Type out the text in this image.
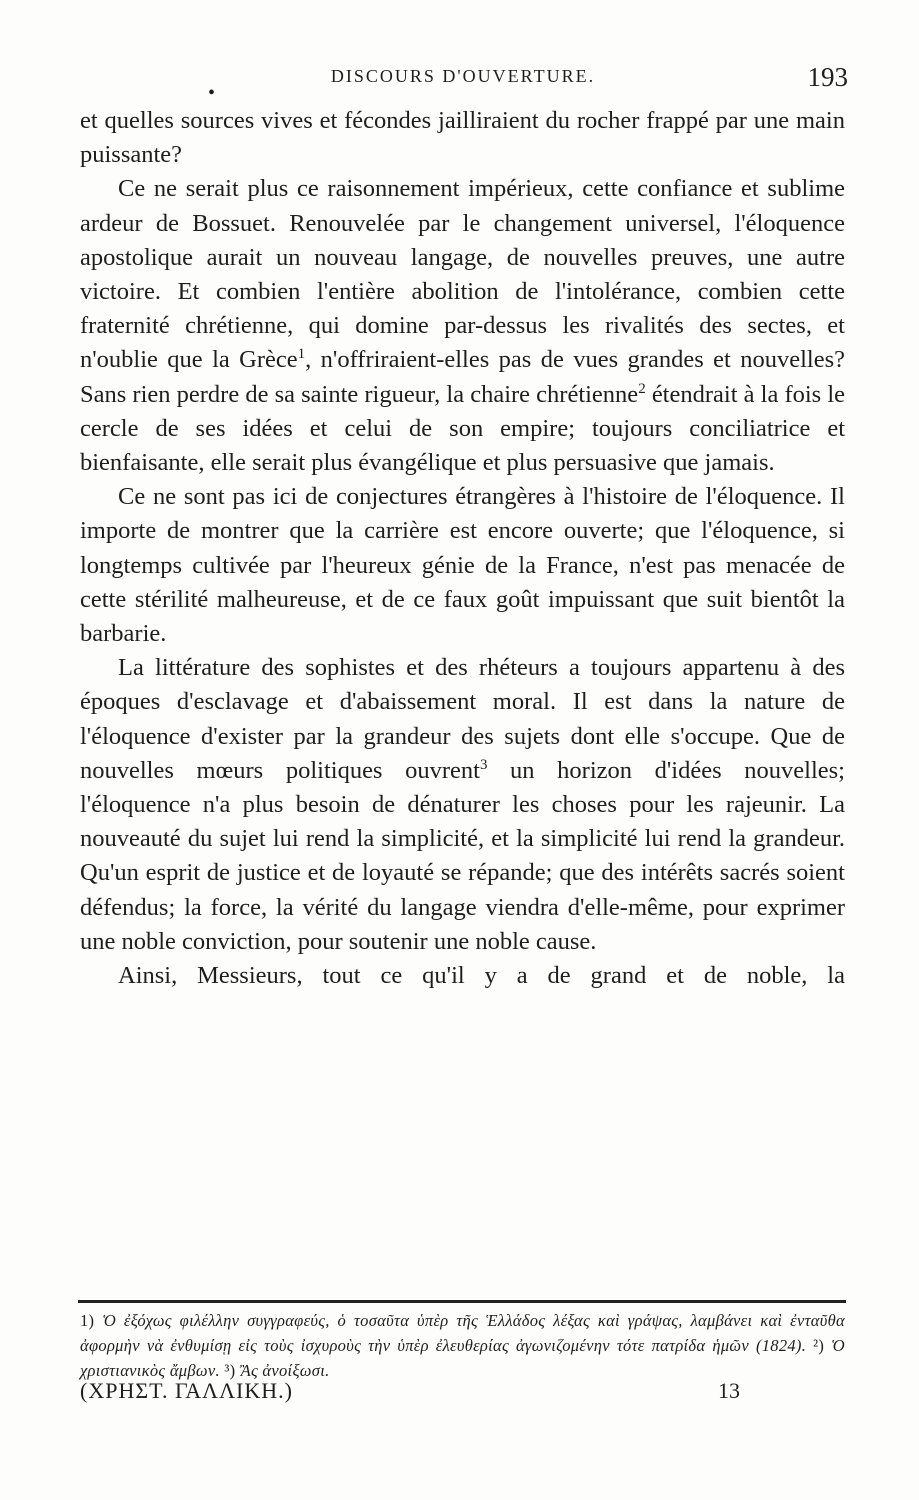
•
DISCOURS D'OUVERTURE.	193

et quelles sources vives et fécondes jailliraient du rocher frappé par une main puissante?

Ce ne serait plus ce raisonnement impérieux, cette confiance et sublime ardeur de Bossuet. Renouvelée par le changement universel, l'éloquence apostolique aurait un nouveau langage, de nouvelles preuves, une autre victoire. Et combien l'entière abolition de l'intolérance, combien cette fraternité chrétienne, qui domine par-dessus les rivalités des sectes, et n'oublie que la Grèce$^1$, n'offriraient-elles pas de vues grandes et nouvelles? Sans rien perdre de sa sainte rigueur, la chaire chrétienne$^2$ étendrait à la fois le cercle de ses idées et celui de son empire; toujours conciliatrice et bienfaisante, elle serait plus évangélique et plus persuasive que jamais.

Ce ne sont pas ici de conjectures étrangères à l'histoire de l'éloquence. Il importe de montrer que la carrière est encore ouverte; que l'éloquence, si longtemps cultivée par l'heureux génie de la France, n'est pas menacée de cette stérilité malheureuse, et de ce faux goût impuissant que suit bientôt la barbarie.

La littérature des sophistes et des rhéteurs a toujours appartenu à des époques d'esclavage et d'abaissement moral. Il est dans la nature de l'éloquence d'exister par la grandeur des sujets dont elle s'occupe. Que de nouvelles mœurs politiques ouvrent$^3$ un horizon d'idées nouvelles; l'éloquence n'a plus besoin de dénaturer les choses pour les rajeunir. La nouveauté du sujet lui rend la simplicité, et la simplicité lui rend la grandeur. Qu'un esprit de justice et de loyauté se répande; que des intérêts sacrés soient défendus; la force, la vérité du langage viendra d'elle-même, pour exprimer une noble conviction, pour soutenir une noble cause.

Ainsi, Messieurs, tout ce qu'il y a de grand et de noble, la

1) Ὁ ἐξόχως φιλέλλην συγγραφεύς, ὁ τοσαῦτα ὑπὲρ τῆς Ἑλλάδος λέξας καὶ γράψας, λαμβάνει καὶ ἐνταῦθα ἀφορμὴν νὰ ἐνθυμίσῃ εἰς τοὺς ἰσχυροὺς τὴν ὑπὲρ ἐλευθερίας ἀγωνιζομένην τότε πατρίδα ἡμῶν (1824). ²) Ὁ χριστιανικὸς ἄμβων. ³) Ἂς ἀνοίξωσι.
(ΧΡΗΣΤ. ΓΑΛΛΙΚΗ.)	13
